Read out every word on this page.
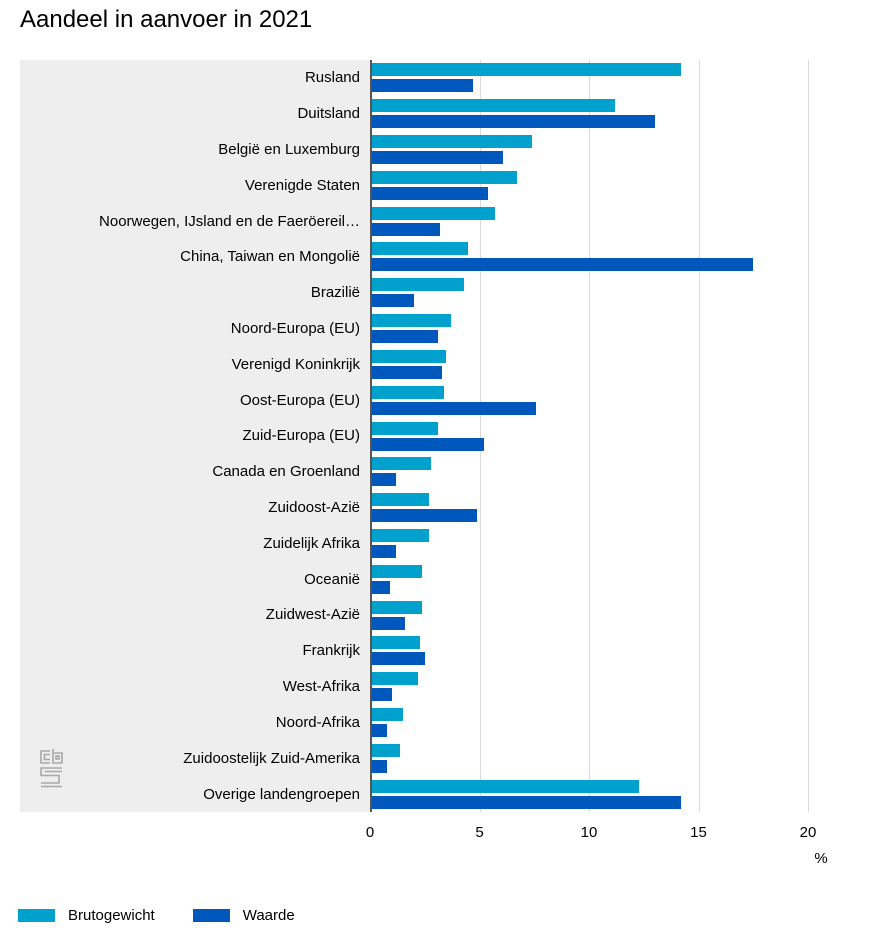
Aandeel in aanvoer in 2021
Rusland
Duitsland
België en Luxemburg
Verenigde Staten
Noorwegen, IJsland en de Faeröereil…
China, Taiwan en Mongolië
Brazilië
Noord-Europa (EU)
Verenigd Koninkrijk
Oost-Europa (EU)
Zuid-Europa (EU)
Canada en Groenland
Zuidoost-Azië
Zuidelijk Afrika
Oceanië
Zuidwest-Azië
Frankrijk
West-Afrika
Noord-Afrika
Zuidoostelijk Zuid-Amerika
Overige landengroepen
0	5	10	15	20
%
Brutogewicht	Waarde
